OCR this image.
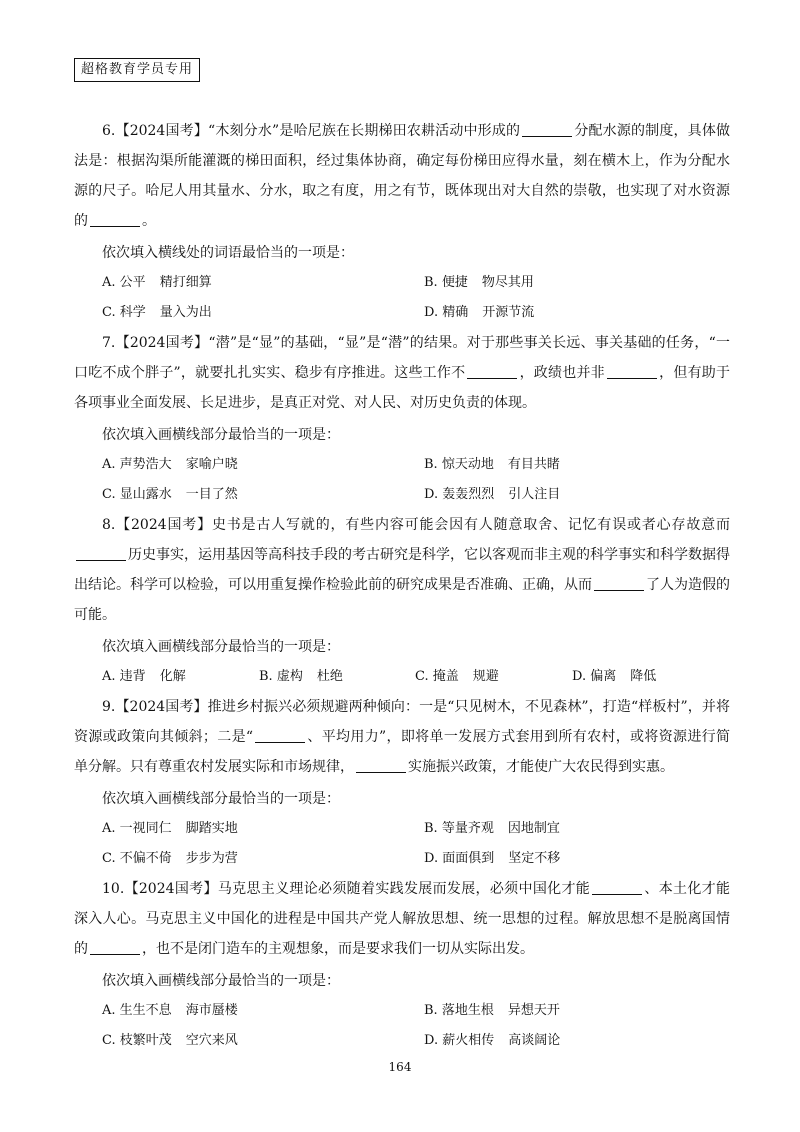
超格教育学员专用

6.【2024国考】“木刻分水”是哈尼族在长期梯田农耕活动中形成的	分配水源的制度，具体做法是：根据沟渠所能灌溉的梯田面积，经过集体协商，确定每份梯田应得水量，刻在横木上，作为分配水源的尺子。哈尼人用其量水、分水，取之有度，用之有节，既体现出对大自然的崇敬，也实现了对水资源的	。

依次填入横线处的词语最恰当的一项是：

A. 公平 精打细算	B. 便捷 物尽其用
C. 科学 量入为出	D. 精确 开源节流

7.【2024国考】“潜”是“显”的基础，“显”是“潜”的结果。对于那些事关长远、事关基础的任务，“一口吃不成个胖子”，就要扎扎实实、稳步有序推进。这些工作不	，政绩也并非	，但有助于各项事业全面发展、长足进步，是真正对党、对人民、对历史负责的体现。

依次填入画横线部分最恰当的一项是：

A. 声势浩大 家喻户晓	B. 惊天动地 有目共睹
C. 显山露水 一目了然	D. 轰轰烈烈 引人注目

8.【2024国考】史书是古人写就的，有些内容可能会因有人随意取舍、记忆有误或者心存故意而历史事实，运用基因等高科技手段的考古研究是科学，它以客观而非主观的科学事实和科学数据得出结论。科学可以检验，可以用重复操作检验此前的研究成果是否准确、正确，从而	了人为造假的可能。

依次填入画横线部分最恰当的一项是：

A. 违背 化解	B. 虚构 杜绝	C. 掩盖 规避	D. 偏离 降低

9.【2024国考】推进乡村振兴必须规避两种倾向：一是“只见树木，不见森林”，打造“样板村”，并将资源或政策向其倾斜；二是“	、平均用力”，即将单一发展方式套用到所有农村，或将资源进行简单分解。只有尊重农村发展实际和市场规律，	实施振兴政策，才能使广大农民得到实惠。

依次填入画横线部分最恰当的一项是：

A. 一视同仁 脚踏实地	B. 等量齐观 因地制宜
C. 不偏不倚 步步为营	D. 面面俱到 坚定不移

10.【2024国考】马克思主义理论必须随着实践发展而发展，必须中国化才能	、本土化才能深入人心。马克思主义中国化的进程是中国共产党人解放思想、统一思想的过程。解放思想不是脱离国情的	，也不是闭门造车的主观想象，而是要求我们一切从实际出发。

依次填入画横线部分最恰当的一项是：

A. 生生不息 海市蜃楼	B. 落地生根 异想天开
C. 枝繁叶茂 空穴来风	D. 薪火相传 高谈阔论
164
